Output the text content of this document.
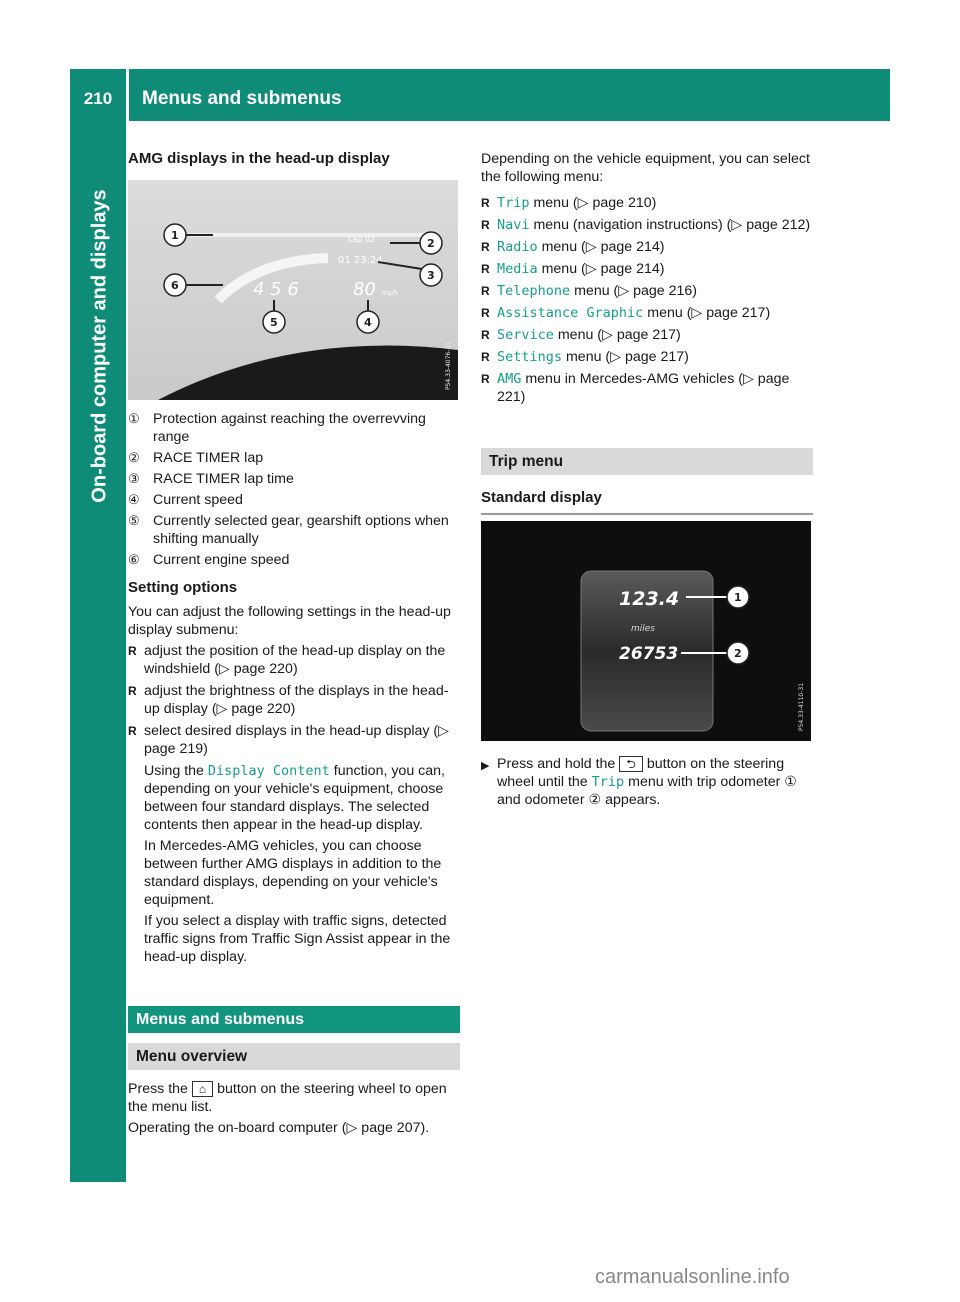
210	Menus and submenus
On-board computer and displays
AMG displays in the head-up display
4 5 6	80 mph
Lap 02
01 23:24
1
2
3
4
5
6
P54.33-4076-31
① Protection against reaching the overrevving range
② RACE TIMER lap
③ RACE TIMER lap time
④ Current speed
⑤ Currently selected gear, gearshift options when shifting manually
⑥ Current engine speed
Setting options

You can adjust the following settings in the head-up display submenu:

R adjust the position of the head-up display on the windshield (▷ page 220)
R adjust the brightness of the displays in the head-up display (▷ page 220)
R select desired displays in the head-up display (▷ page 219)

Using the Display Content function, you can, depending on your vehicle's equipment, choose between four standard displays. The selected contents then appear in the head-up display.

In Mercedes-AMG vehicles, you can choose between further AMG displays in addition to the standard displays, depending on your vehicle's equipment.

If you select a display with traffic signs, detected traffic signs from Traffic Sign Assist appear in the head-up display.

Menus and submenus
Menu overview

Press the ⌂ button on the steering wheel to open the menu list.

Operating the on-board computer (▷ page 207).

Depending on the vehicle equipment, you can select the following menu:

R Trip menu (▷ page 210)
R Navi menu (navigation instructions) (▷ page 212)
R Radio menu (▷ page 214)
R Media menu (▷ page 214)
R Telephone menu (▷ page 216)
R Assistance Graphic menu (▷ page 217)
R Service menu (▷ page 217)
R Settings menu (▷ page 217)
R AMG menu in Mercedes-AMG vehicles (▷ page 221)
Trip menu
Standard display
123.4
miles
26753
1
2
P54.33-4110-31
▶ Press and hold the ⮌ button on the steering wheel until the Trip menu with trip odometer ① and odometer ② appears.
carmanualsonline.info
